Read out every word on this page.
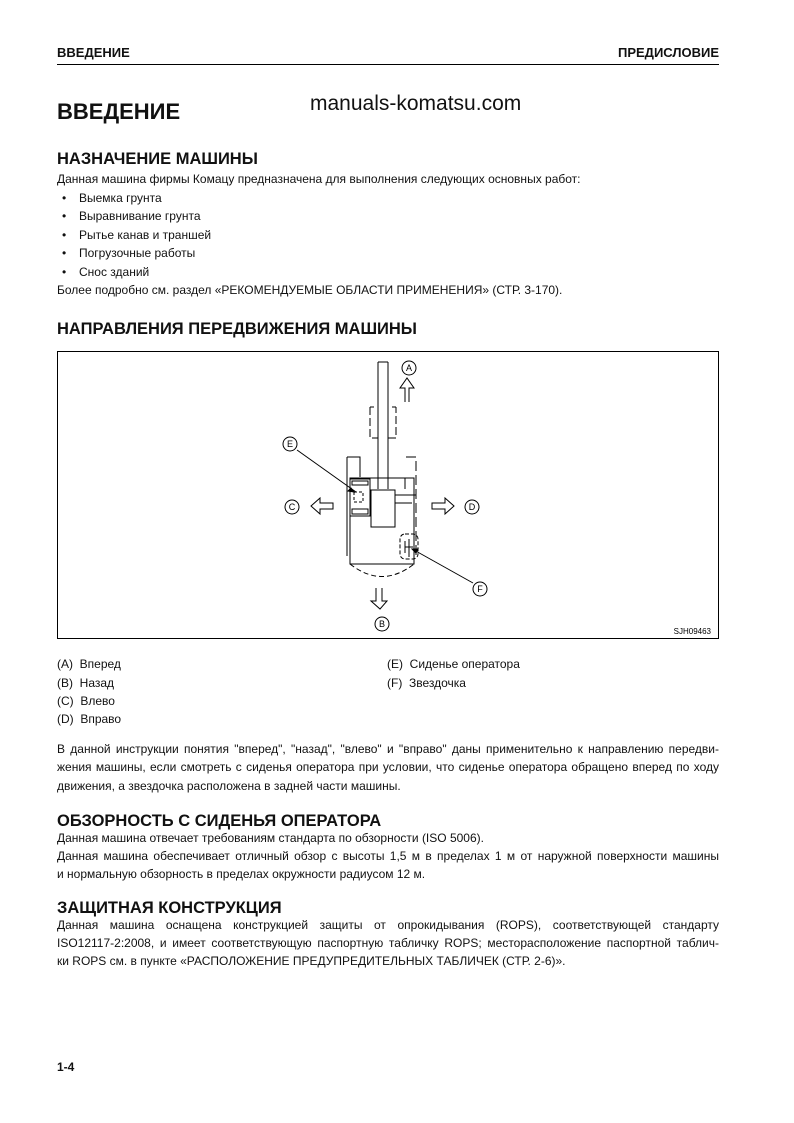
ВВЕДЕНИЕ	ПРЕДИСЛОВИЕ
ВВЕДЕНИЕ	manuals-komatsu.com
НАЗНАЧЕНИЕ МАШИНЫ
Данная машина фирмы Комацу предназначена для выполнения следующих основных работ:
• Выемка грунта
• Выравнивание грунта
• Рытье канав и траншей
• Погрузочные работы
• Снос зданий
Более подробно см. раздел «РЕКОМЕНДУЕМЫЕ ОБЛАСТИ ПРИМЕНЕНИЯ» (СТР. 3-170).
НАПРАВЛЕНИЯ ПЕРЕДВИЖЕНИЯ МАШИНЫ
A
E
C	D
B
F
SJH09463
(A)  Вперед
(B)  Назад
(C)  Влево
(D)  Вправо
(E)  Сиденье оператора
(F)  Звездочка
В данной инструкции понятия "вперед", "назад", "влево" и "вправо" даны применительно к направлению передви-
жения машины, если смотреть с сиденья оператора при условии, что сиденье оператора обращено вперед по ходу
движения, а звездочка расположена в задней части машины.
ОБЗОРНОСТЬ С СИДЕНЬЯ ОПЕРАТОРА
Данная машина отвечает требованиям стандарта по обзорности (ISO 5006).
Данная машина обеспечивает отличный обзор с высоты 1,5 м в пределах 1 м от наружной поверхности машины
и нормальную обзорность в пределах окружности радиусом 12 м.
ЗАЩИТНАЯ КОНСТРУКЦИЯ
Данная машина оснащена конструкцией защиты от опрокидывания (ROPS), соответствующей стандарту
ISO12117-2:2008, и имеет соответствующую паспортную табличку ROPS; месторасположение паспортной таблич-
ки ROPS см. в пункте «РАСПОЛОЖЕНИЕ ПРЕДУПРЕДИТЕЛЬНЫХ ТАБЛИЧЕК (СТР. 2-6)».
1-4
